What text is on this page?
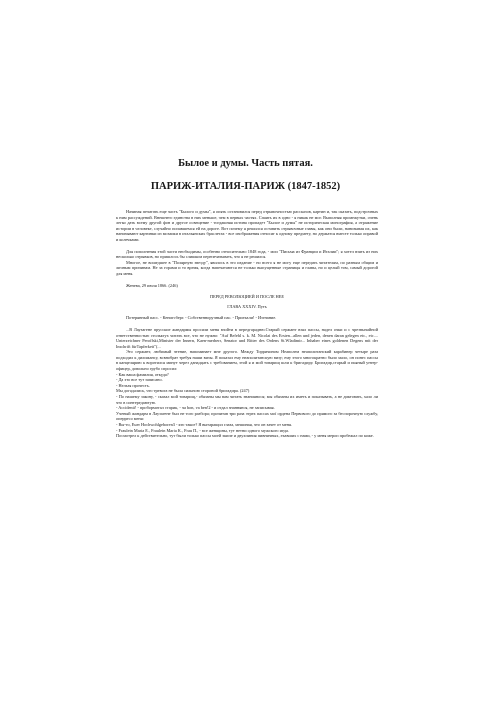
Былое и думы. Часть пятая.
ПАРИЖ-ИТАЛИЯ-ПАРИЖ (1847-1852)

Начиная печатать еще часть "Былого и думы", я опять остановился перед отрывочностью рассказов, картин и, так сказать, подстрочных к ним рассуждений. Внешнего единства в них меньше, чем в первых частях. Спаять их в одно - я никак не мог. Выполняя промежутки, очень легко дать всему другой фон и другое освещение - тогдашняя истина пропадет "Былое и думы" не историческая монография, а отражение истории в человеке, случайно попавшемся ей на дороге. Вот почему я решился оставить отрывочные главы, как они были, нанизывая их, как нанизывают картинки из мозаики в итальянских браслетах - все изображения относят к одному предмету, но держатся вместе только оправой и колечками.

Для пополнения этой части необходимы, особенно относительно 1848 года, - мои "Письма из Франции и Италии"; я хотел взять из них несколько отрывков, но пришлось бы слишком перепечатывать, что я не решился.

Многое, не вошедшее в "Полярную звезду", явилось в это издание - но всего я не могу еще передать читателям, по разным общим и личным причинам. Не за горами и то время, когда напечатаются не только выпущенные страницы и главы, но и целый том, самый дорогой для меня.

Женева, 29 июля 1866. (246)

ПЕРЕД РЕВОЛЮЦИЕЙ И ПОСЛЕ НЕЕ

ГЛАВА XXXIV. Путь

Потерянный пасс. - Кенигсберг. - Собственноручный пас. - Приехали! - Изгнание.

...В Лаузагене прусские жандармы просили меня взойти в передгарадню.Старый сержант взял пассы, надел очки и с чрезвычайной ответственностью стольктух читать все, что не нужно: "Auf Befehl s. k. M. Nicolai des Ersten...allen und jeden, denen daran gelegen etc., etc.... Unterzeichner Peroffski,Minister der Innern, Kaen-merherr, Senator und Ritter des Ordens St.Wladimir... Inhaber eines goldenen Degens mit der Inschrift fürTapferkeit"(...

Это сержант, любимый чтение, напоминает мне другого. Между Торричином Неаполем неаполитанский карабинер четыре раза подходил к дилижансу, всвнобрат требуя наши визы. Я показал ему неаполитанскую визу; ему этого многократно было мало, он понес пассы в канцелярию к воротился минут через данадцать с требованием, этой я и мой товарищ шли к бригадиру. Бригадир,старый и пьяный унтер-офицер, довольно грубо спросил:

- Как ваша фамилия, откуда?

- Да это все тут записано.

- Нельзя прочесть.

Мы догадались, что тревога не была сильною стороной бригадира. (247)

- По нашему закону, - сказал мой товарищ,- обязаны мы вам читать знаниянося; мы обязаны их иметь и показывать, а не диктовать, хало ли что в синтередаютую.

- Accidenti! - пробормотал старик, - ча bon, va ben!2 - и отдал знаннянся, не записывая.

Ученый жандарм в Лаузагене был не того разбора; прочитав три раза этрех пассах мої ордена Первового до прямого за беспорочную службу, оперресо меня:

- Вы-то, Euer Hochwohlgeboren3 - кто такое? Я вытаращил глаза, мешиная, что он зачет от меня.

- Fraulein Maria E., Fraulein Maria K., Frau П., - все женщины, тут нетни одного мужского иеда.

Посмотрел к действительно, тут были только пассы моей экипе и двухпиния пивничных, ехавших с нами, - у меня мероп пробежал по коже.
